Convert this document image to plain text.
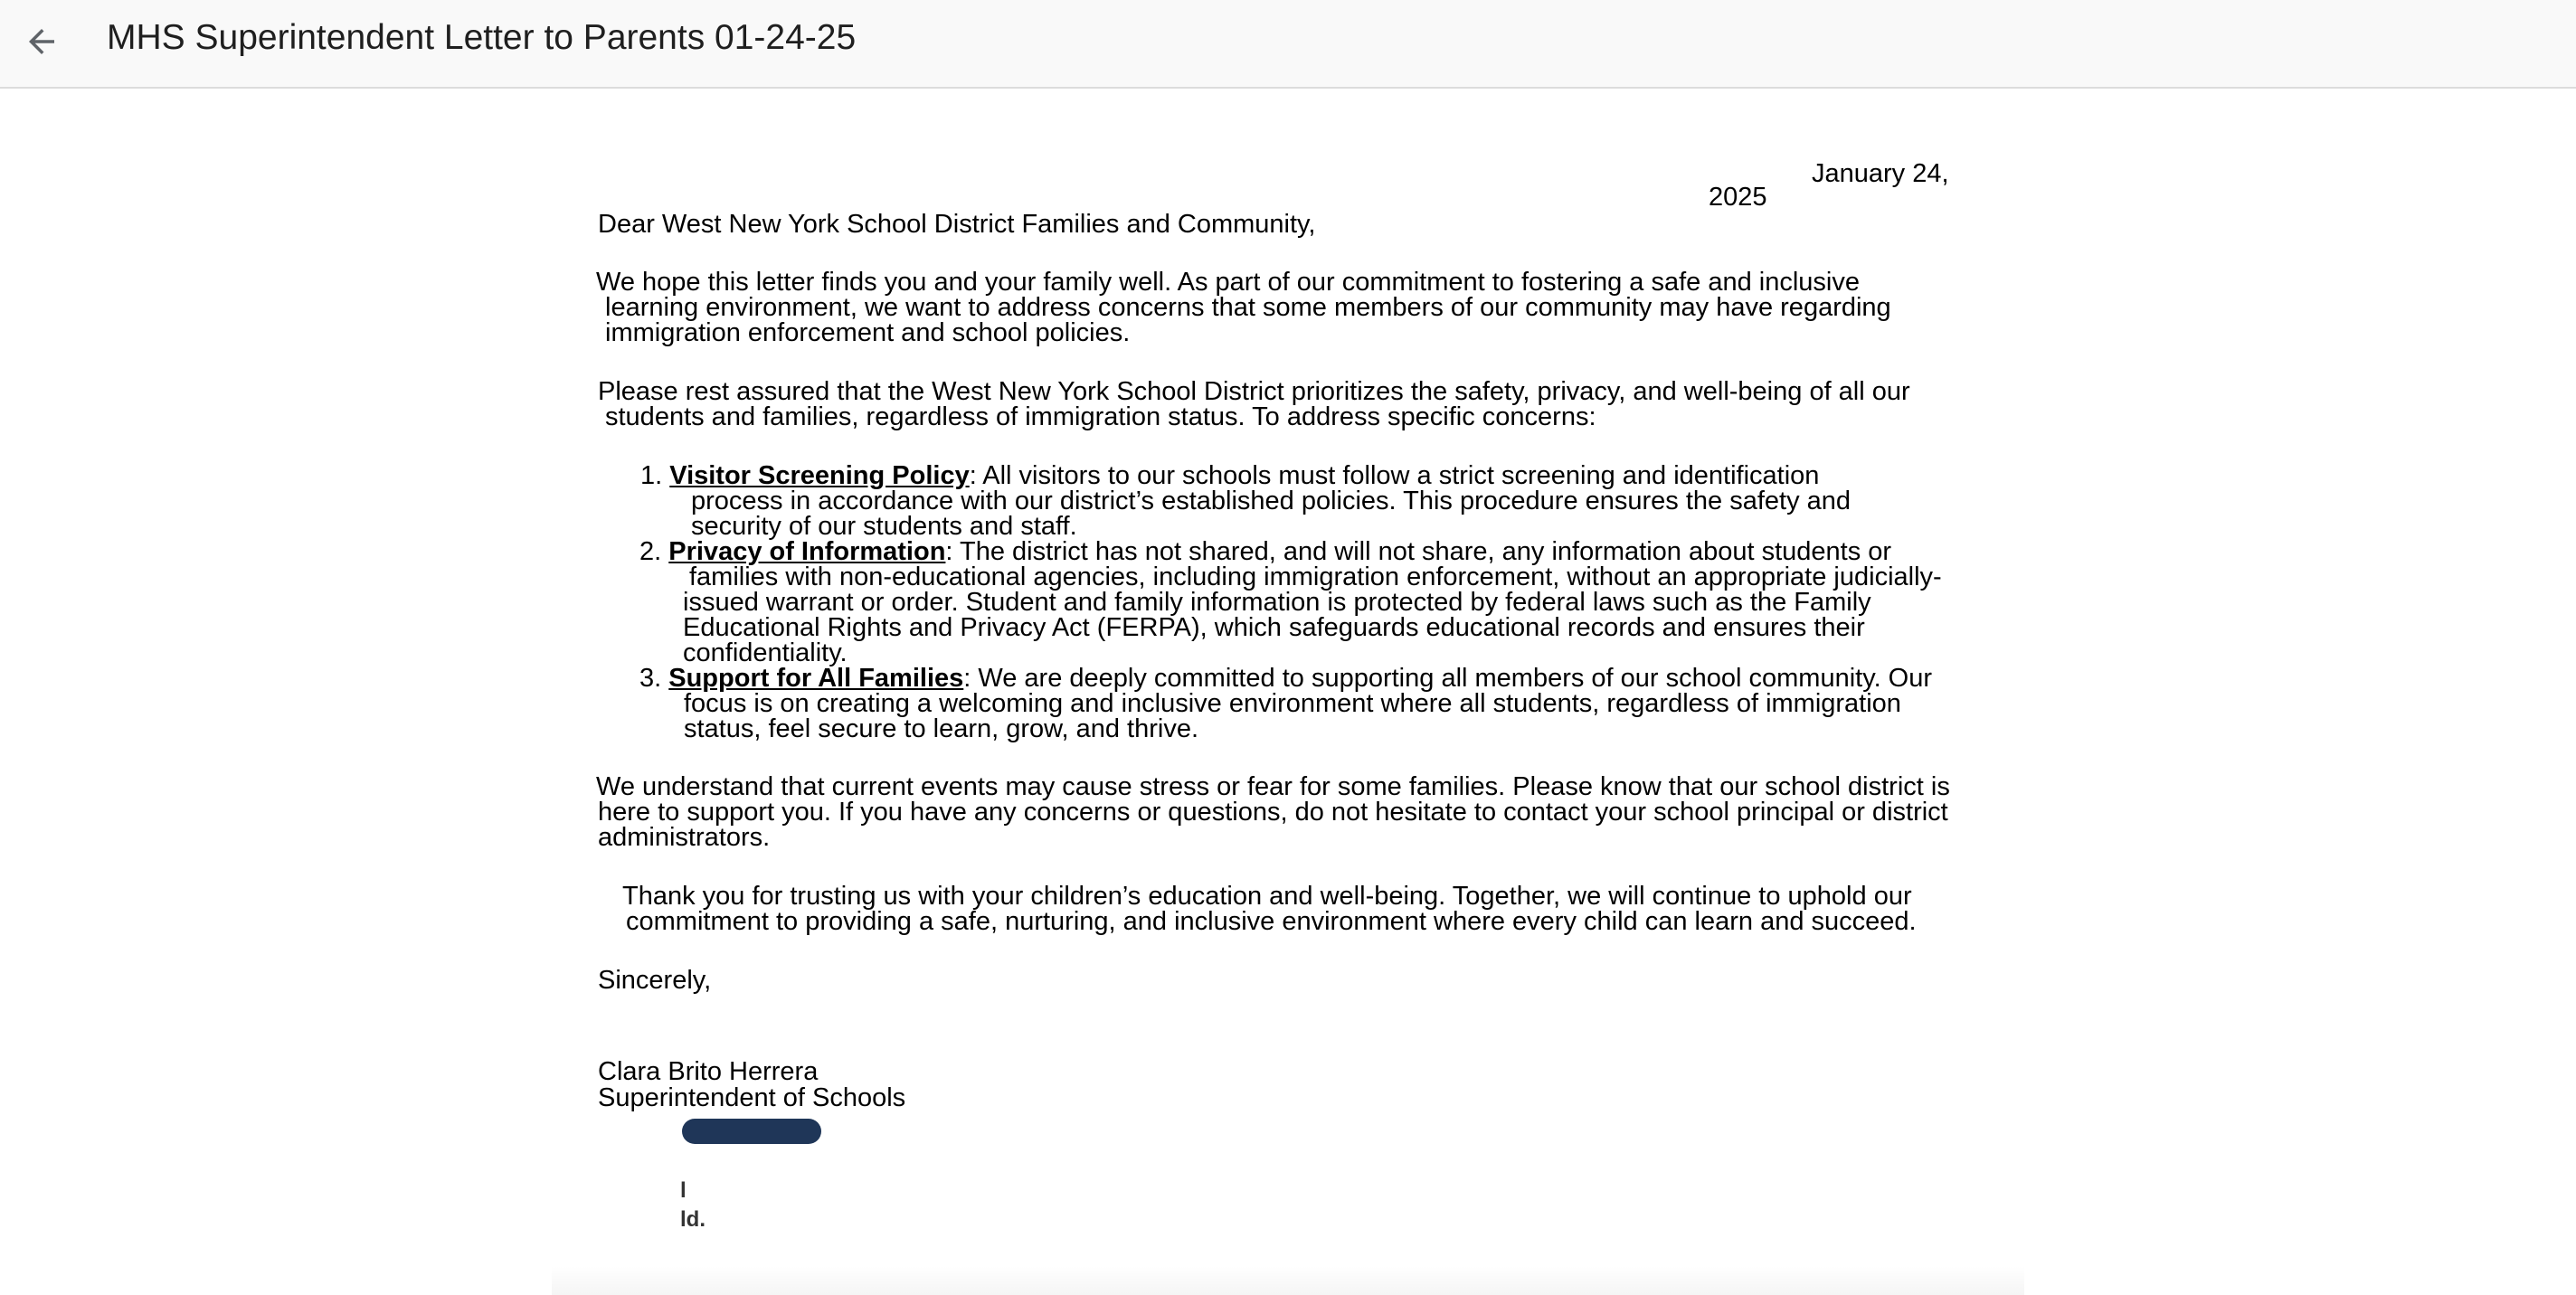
MHS Superintendent Letter to Parents 01-24-25
January 24,
2025
Dear West New York School District Families and Community,
We hope this letter finds you and your family well. As part of our commitment to fostering a safe and inclusive
learning environment, we want to address concerns that some members of our community may have regarding
immigration enforcement and school policies.
Please rest assured that the West New York School District prioritizes the safety, privacy, and well-being of all our
students and families, regardless of immigration status. To address specific concerns:
1. Visitor Screening Policy: All visitors to our schools must follow a strict screening and identification
process in accordance with our district’s established policies. This procedure ensures the safety and
security of our students and staff.
2. Privacy of Information: The district has not shared, and will not share, any information about students or
families with non-educational agencies, including immigration enforcement, without an appropriate judicially-
issued warrant or order. Student and family information is protected by federal laws such as the Family
Educational Rights and Privacy Act (FERPA), which safeguards educational records and ensures their
confidentiality.
3. Support for All Families: We are deeply committed to supporting all members of our school community. Our
focus is on creating a welcoming and inclusive environment where all students, regardless of immigration
status, feel secure to learn, grow, and thrive.
We understand that current events may cause stress or fear for some families. Please know that our school district is
here to support you. If you have any concerns or questions, do not hesitate to contact your school principal or district
administrators.
Thank you for trusting us with your children’s education and well-being. Together, we will continue to uphold our
commitment to providing a safe, nurturing, and inclusive environment where every child can learn and succeed.
Sincerely,
Clara Brito Herrera
Superintendent of Schools
l
ld.
